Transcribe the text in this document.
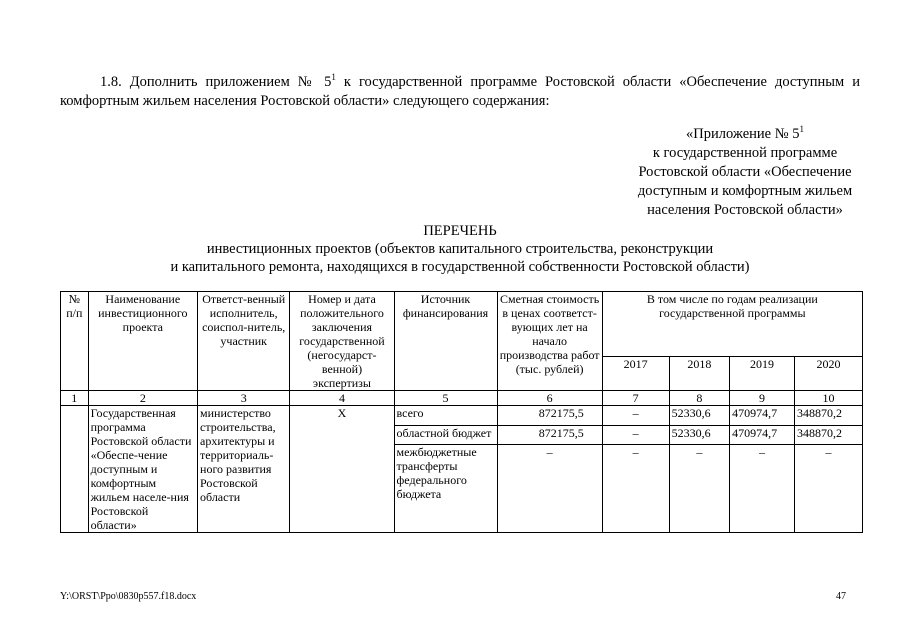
1.8. Дополнить приложением № $5^1$ к государственной программе Ростовской области «Обеспечение доступным и комфортным жильем населения Ростовской области» следующего содержания:
«Приложение № $5^1$
к государственной программе
Ростовской области «Обеспечение
доступным и комфортным жильем
населения Ростовской области»
ПЕРЕЧЕНЬ
инвестиционных проектов (объектов капитального строительства, реконструкции
и капитального ремонта, находящихся в государственной собственности Ростовской области)
№ п/п	Наименование инвестиционного проекта	Ответст-венный исполнитель, соиспол-нитель, участник	Номер и дата положительного заключения государственной (негосударст-венной) экспертизы	Источник финансирования	Сметная стоимость в ценах соответст-вующих лет на начало производства работ (тыс. рублей)	В том числе по годам реализации государственной программы			
						2017	2018	2019	2020
1	2	3	4	5	6	7	8	9	10
	Государственная программа Ростовской области «Обеспе-чение доступным и комфортным жильем населе-ния Ростовской области»	министерство строительства, архитектуры и территориаль-ного развития Ростовской области	Х	всего	872175,5	–	52330,6	470974,7	348870,2
				областной бюджет	872175,5	–	52330,6	470974,7	348870,2
				межбюджетные трансферты федерального бюджета	–	–	–	–	–
Y:\ORST\Ppo\0830p557.f18.docx	47
